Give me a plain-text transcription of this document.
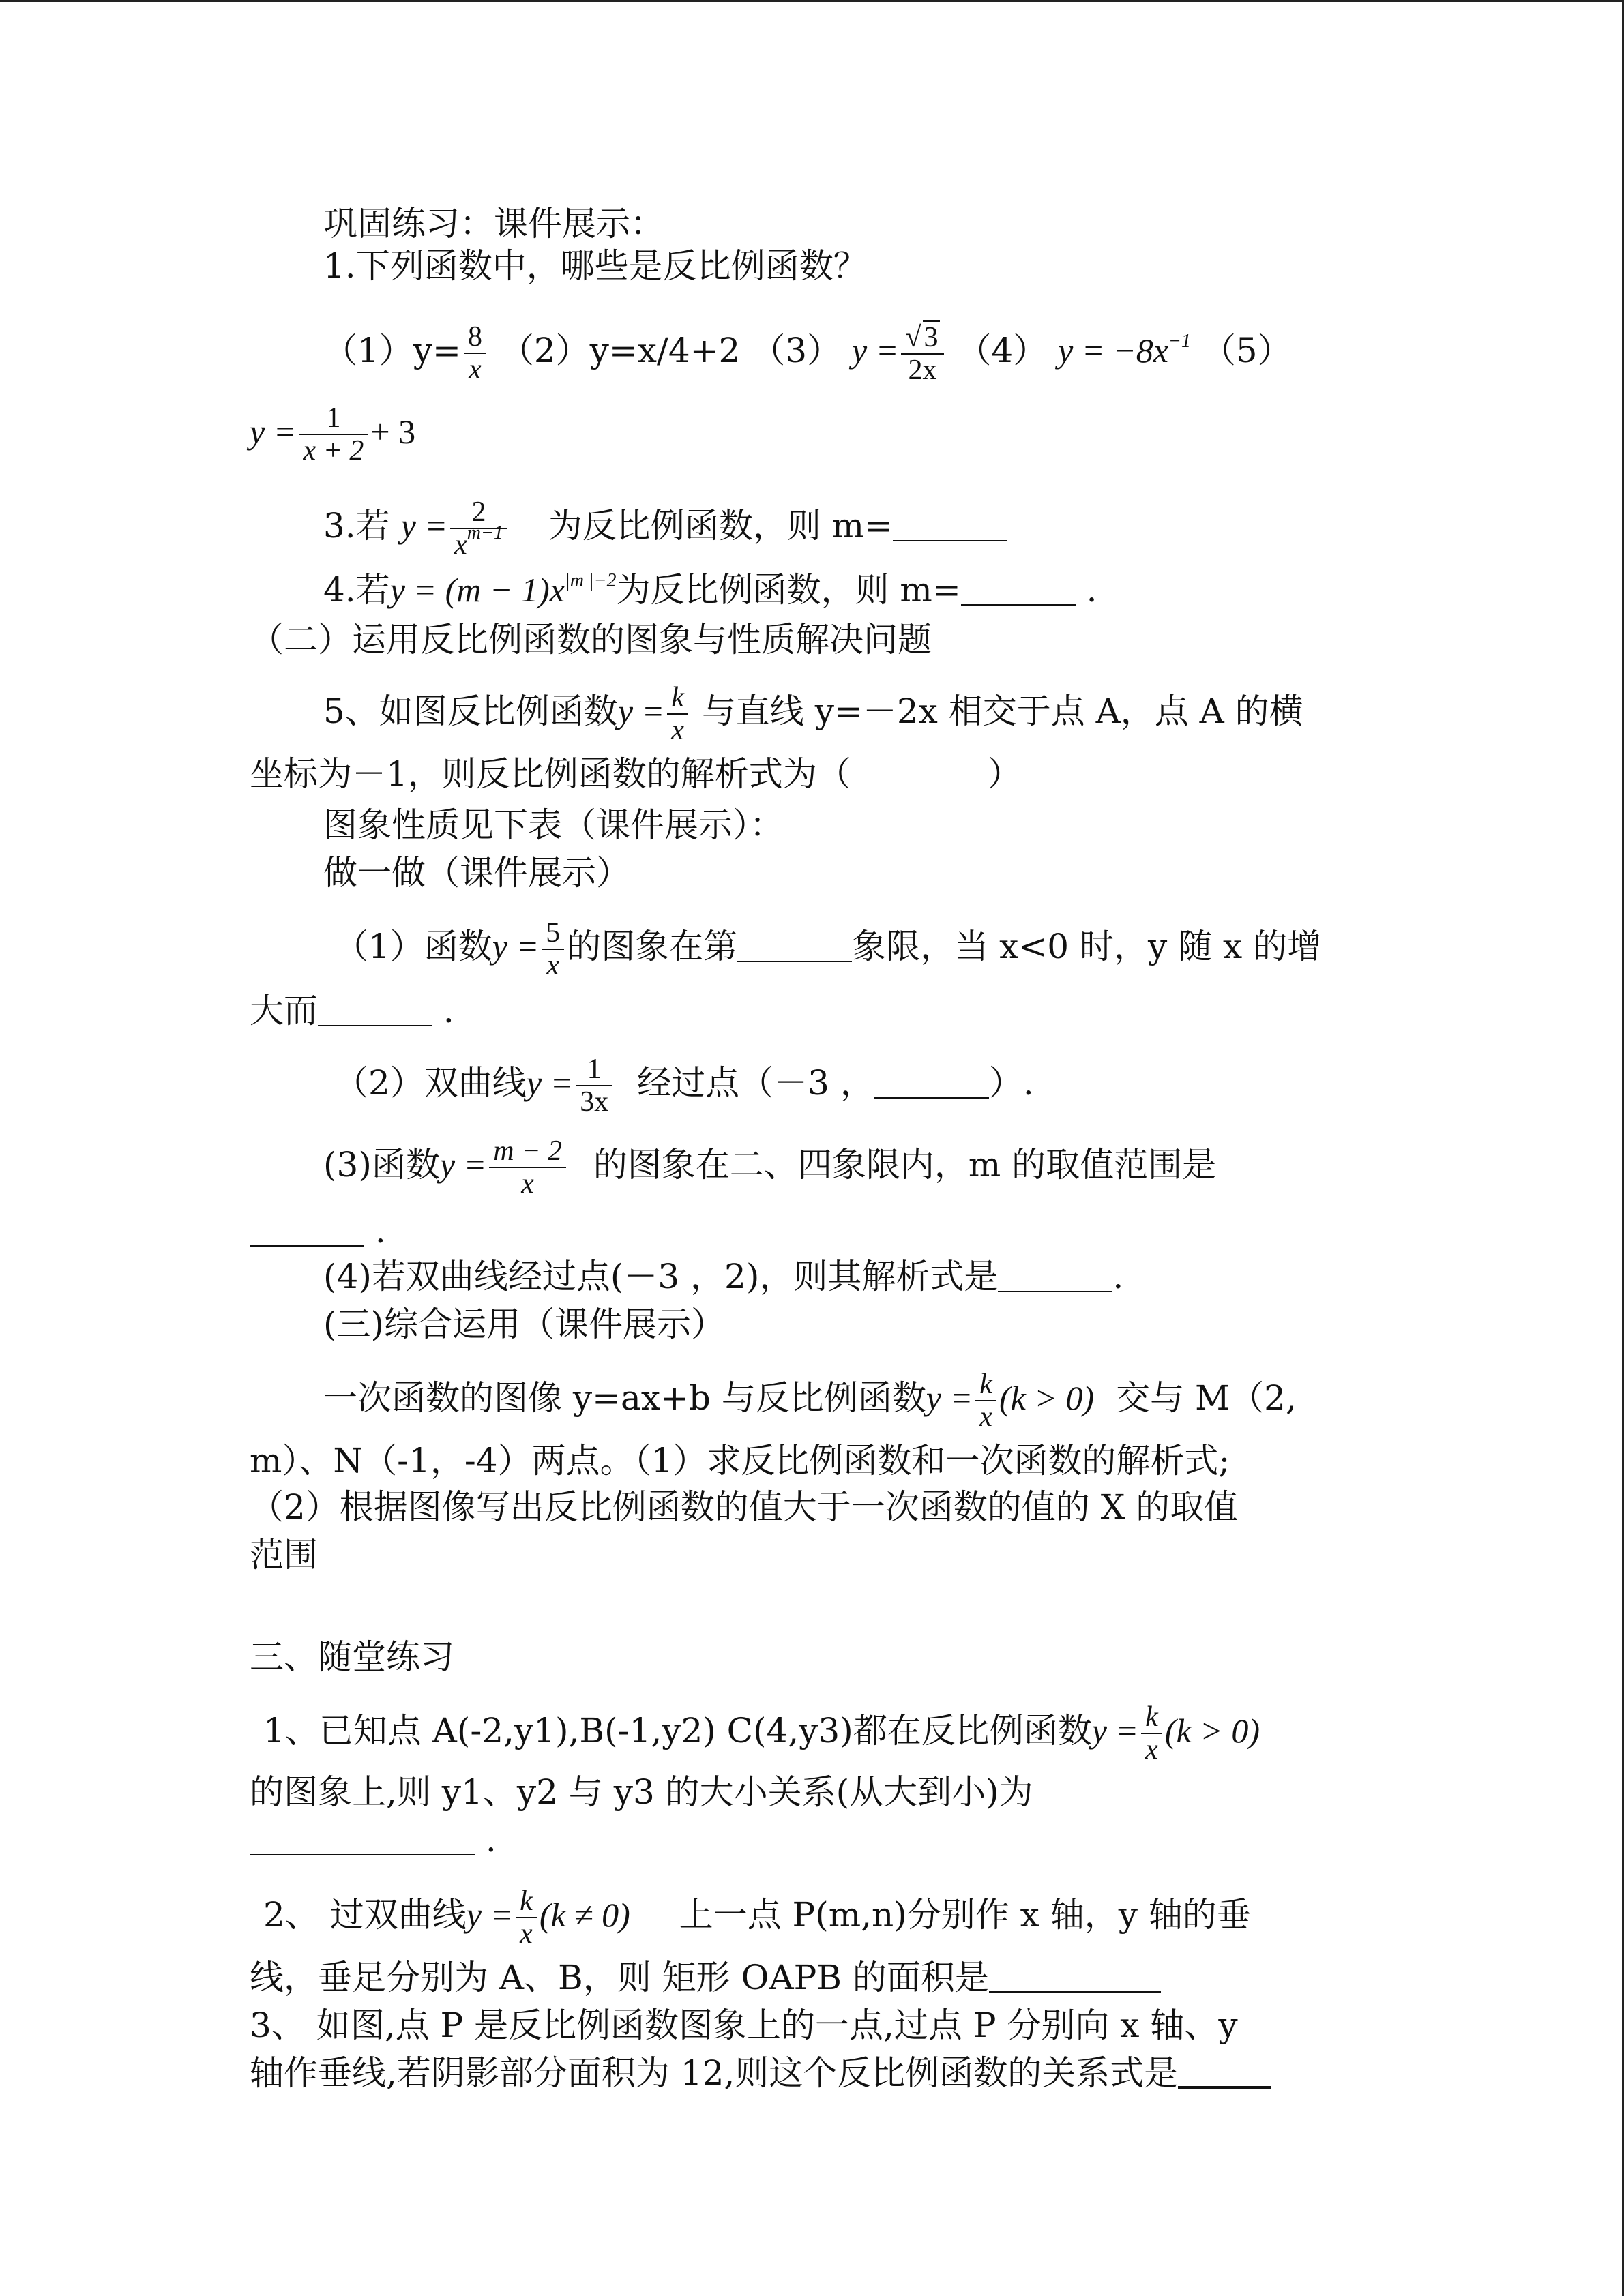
巩固练习：课件展示：
1.下列函数中，哪些是反比例函数？
$(1)y= \frac{8}{x} (2)y=x/4+2$ （3） $y = \frac{√3}{2x} (4) y = -8x^{-1}$ （5）
$y = \frac{1}{x + 2} + 3$
3.若 $y = \frac{2}{x^{m-1}}$ 为反比例函数，则 m=
4.若$y = (m - 1)x^{|m |-2}$为反比例函数，则 m=	.
（二）运用反比例函数的图象与性质解决问题
5、如图反比例函数$y = \frac{k}{x}$ 与直线 y=－2x 相交于点 A，点 A 的横
坐标为－1，则反比例函数的解析式为（　　　　）
图象性质见下表（课件展示）：
做一做（课件展示）
（1）函数$y = \frac{5}{x}$ 的图象在第	象限，当 x<0 时，y 随 x 的增
大而	.
（2）双曲线$y = \frac{1}{3x}$ 经过点（－3 ，	）.
(3)函数$y = \frac{m - 2}{x}$ 的图象在二、四象限内，m 的取值范围是
.
(4)若双曲线经过点(－3 ，2)，则其解析式是	.
(三)综合运用（课件展示）
一次函数的图像 y=ax+b 与反比例函数$y = \frac{k}{x} (k > 0)$ 交与 M（2,
m）、N（-1，-4）两点。（1）求反比例函数和一次函数的解析式;
（2）根据图像写出反比例函数的值大于一次函数的值的 X 的取值
范围
三、随堂练习
1、已知点 A(-2,y1),B(-1,y2) C(4,y3)都在反比例函数$y = \frac{k}{x} (k > 0)$
的图象上,则 y1、y2 与 y3 的大小关系(从大到小)为
.
2、 过双曲线$y = \frac{k}{x} (k \ne 0)$ 上一点 P(m,n)分别作 x 轴，y 轴的垂
线，垂足分别为 A、B，则 矩形 OAPB 的面积是
3、 如图,点 P 是反比例函数图象上的一点,过点 P 分别向 x 轴、y
轴作垂线,若阴影部分面积为 12,则这个反比例函数的关系式是
